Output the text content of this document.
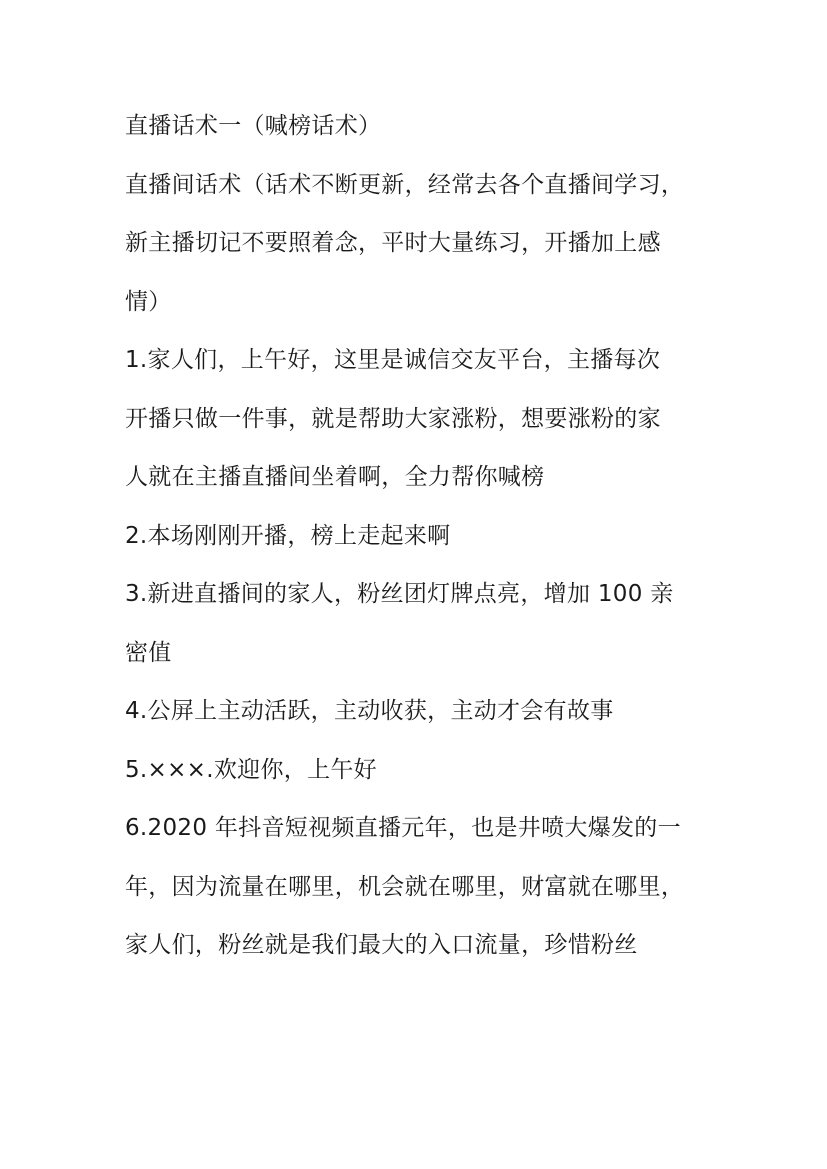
直播话术一（喊榜话术）
直播间话术（话术不断更新，经常去各个直播间学习，
新主播切记不要照着念，平时大量练习，开播加上感
情）
1.家人们，上午好，这里是诚信交友平台，主播每次
开播只做一件事，就是帮助大家涨粉，想要涨粉的家
人就在主播直播间坐着啊，全力帮你喊榜
2.本场刚刚开播，榜上走起来啊
3.新进直播间的家人，粉丝团灯牌点亮，增加 100 亲
密值
4.公屏上主动活跃，主动收获，主动才会有故事
5.×××.欢迎你，上午好
6.2020 年抖音短视频直播元年，也是井喷大爆发的一
年，因为流量在哪里，机会就在哪里，财富就在哪里，
家人们，粉丝就是我们最大的入口流量，珍惜粉丝
